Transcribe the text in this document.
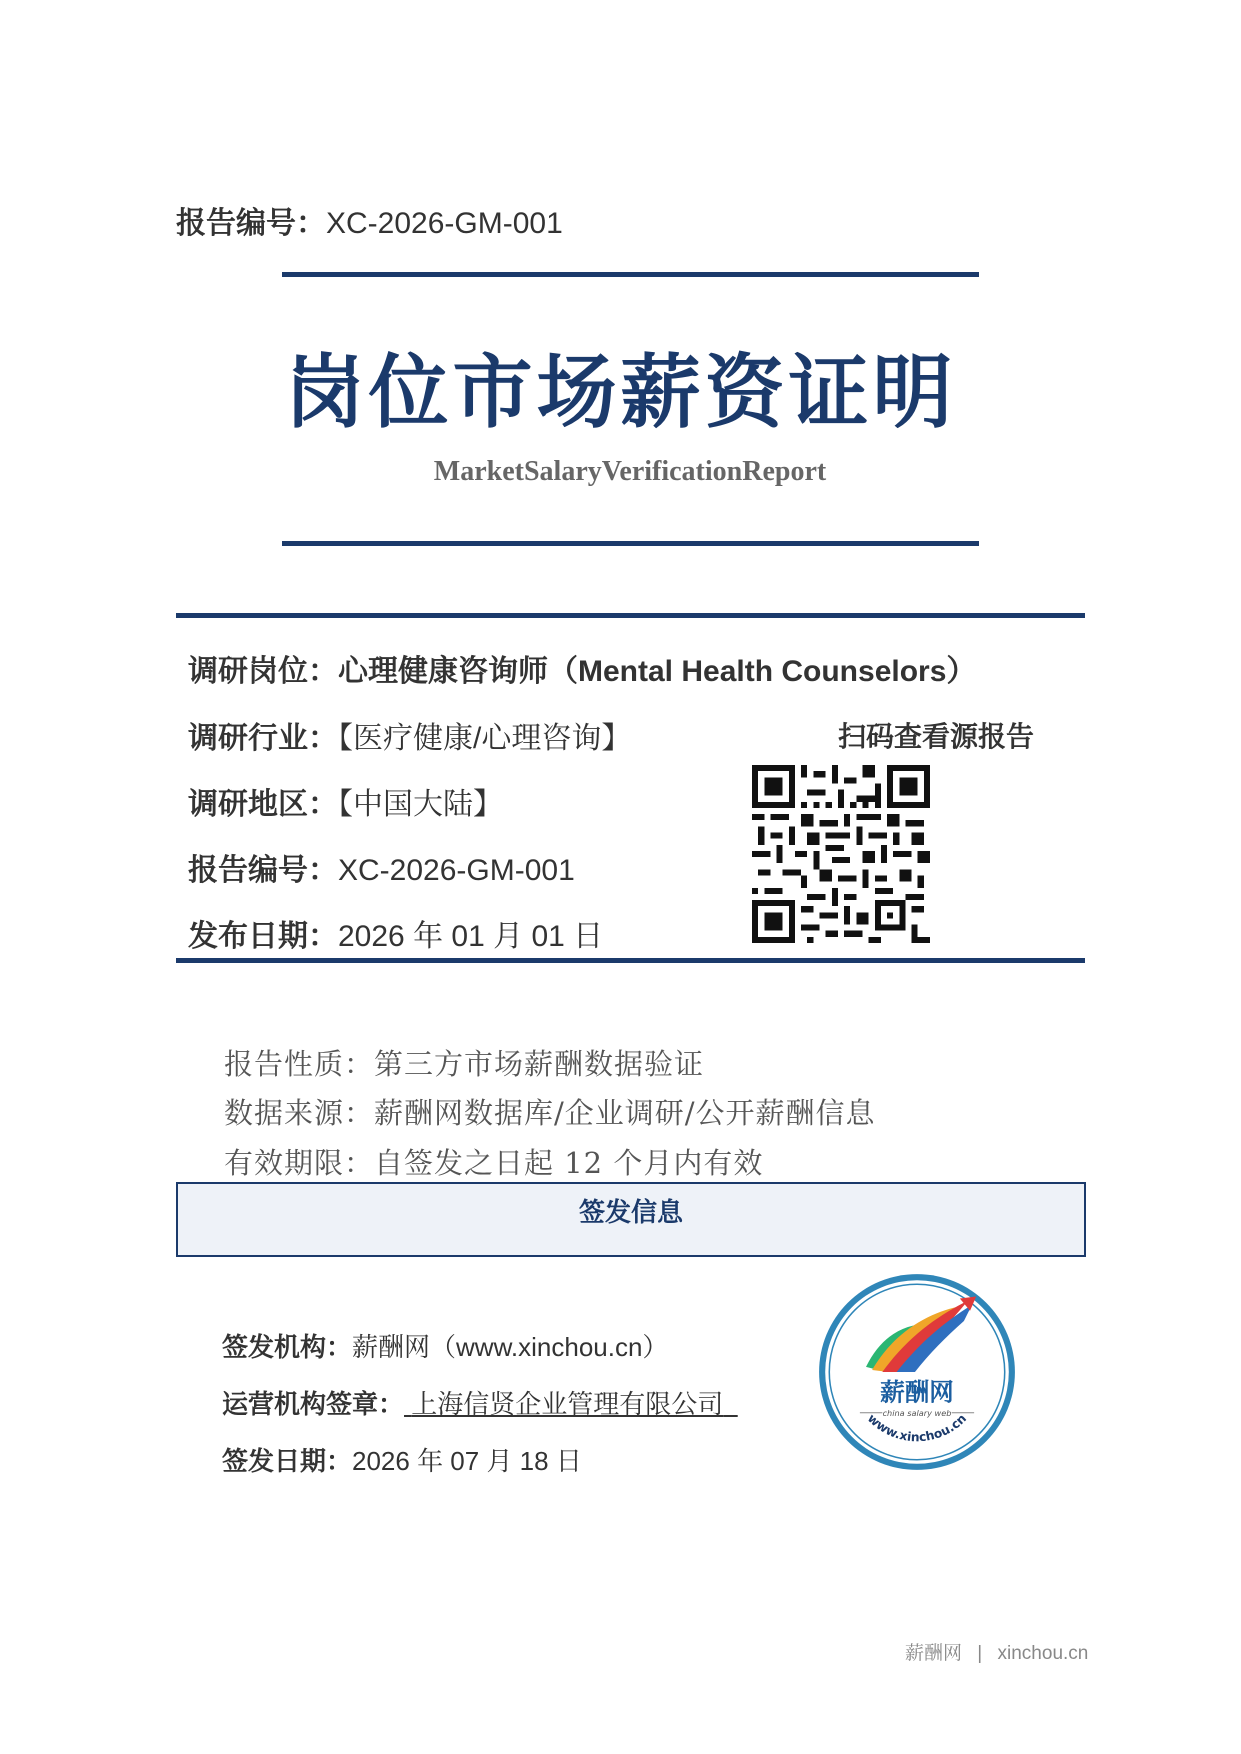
报告编号：XC-2026-GM-001
岗位市场薪资证明
MarketSalaryVerificationReport
调研岗位：心理健康咨询师（Mental Health Counselors）
调研行业：【医疗健康/心理咨询】
调研地区：【中国大陆】
报告编号：XC-2026-GM-001
发布日期：2026 年 01 月 01 日
扫码查看源报告
报告性质：第三方市场薪酬数据验证
数据来源：薪酬网数据库/企业调研/公开薪酬信息
有效期限：自签发之日起 12 个月内有效
签发信息
签发机构：薪酬网（www.xinchou.cn）
运营机构签章： 上海信贤企业管理有限公司
签发日期：2026 年 07 月 18 日
薪酬网
china salary web
www.xinchou.cn
薪酬网 | xinchou.cn
